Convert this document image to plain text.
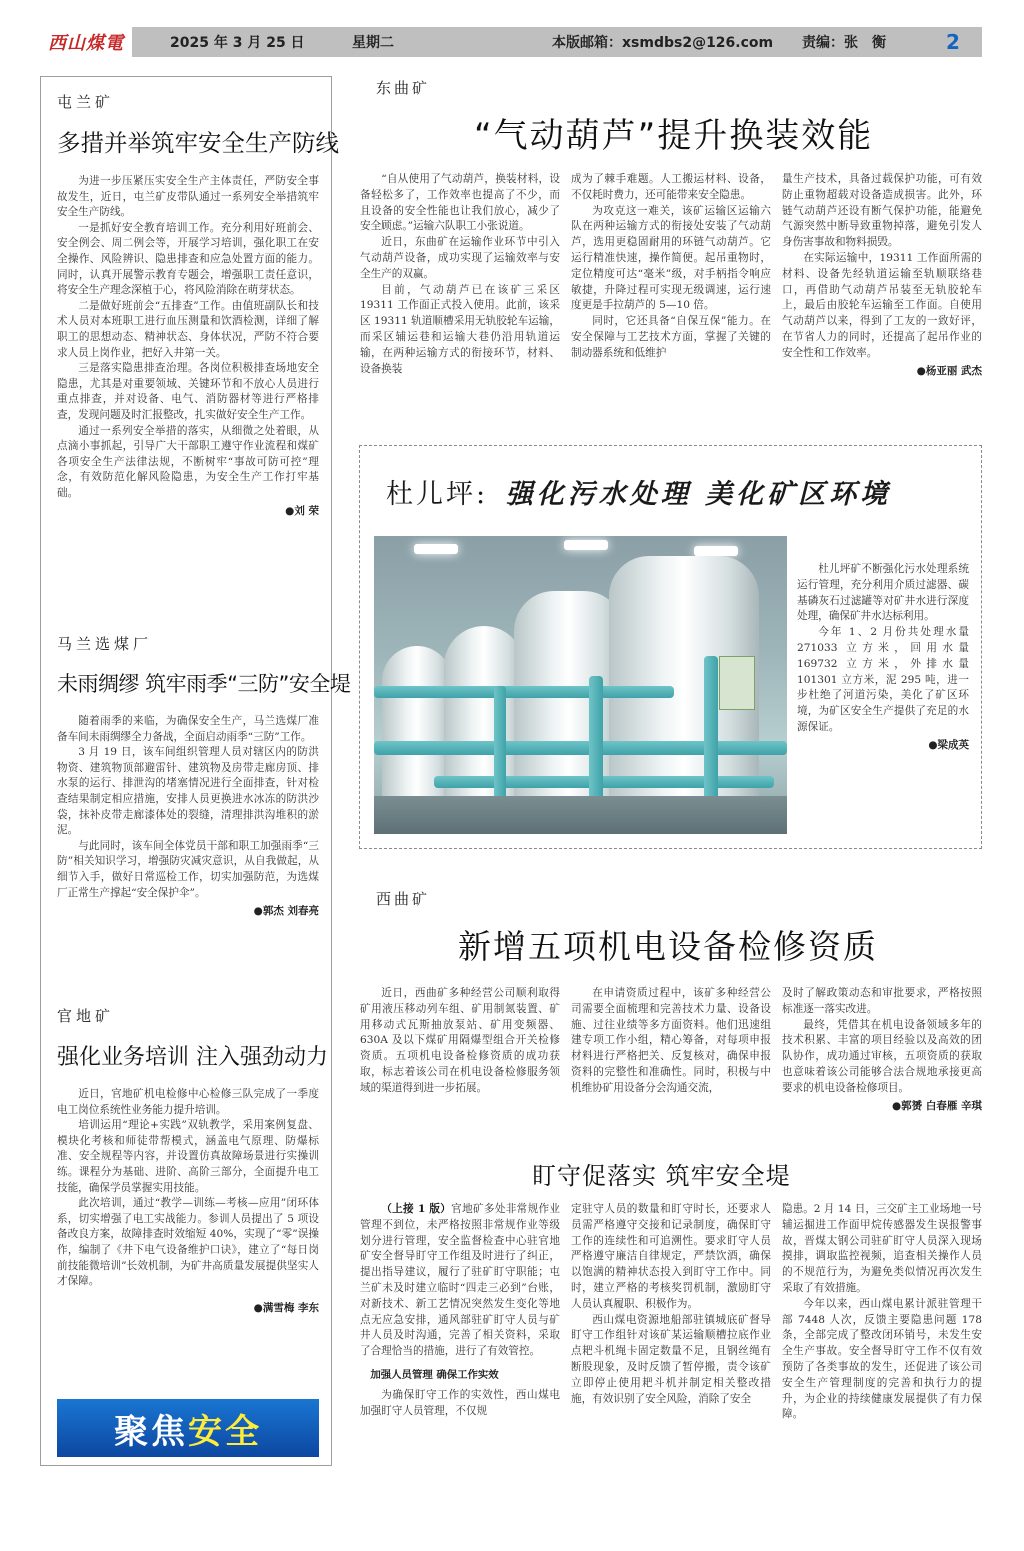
西山煤電	2025 年 3 月 25 日	星期二	本版邮箱：xsmdbs2@126.com 责编：张　衡	2
屯兰矿
多措并举筑牢安全生产防线

为进一步压紧压实安全生产主体责任，严防安全事故发生，近日，屯兰矿皮带队通过一系列安全举措筑牢安全生产防线。

一是抓好安全教育培训工作。充分利用好班前会、安全例会、周二例会等，开展学习培训，强化职工在安全操作、风险辨识、隐患排查和应急处置方面的能力。同时，认真开展警示教育专题会，增强职工责任意识，将安全生产理念深植于心，将风险消除在萌芽状态。

二是做好班前会“五排查”工作。由值班副队长和技术人员对本班职工进行血压测量和饮酒检测，详细了解职工的思想动态、精神状态、身体状况，严防不符合要求人员上岗作业，把好入井第一关。

三是落实隐患排查治理。各岗位积极排查场地安全隐患，尤其是对重要领域、关键环节和不放心人员进行重点排查，并对设备、电气、消防器材等进行严格排查，发现问题及时汇报整改，扎实做好安全生产工作。

通过一系列安全举措的落实，从细微之处着眼，从点滴小事抓起，引导广大干部职工遵守作业流程和煤矿各项安全生产法律法规，不断树牢“事故可防可控”理念，有效防范化解风险隐患，为安全生产工作打牢基础。

●刘 荣
马兰选煤厂
未雨绸缪 筑牢雨季“三防”安全堤

随着雨季的来临，为确保安全生产，马兰选煤厂准备车间未雨绸缪全力备战，全面启动雨季“三防”工作。

3 月 19 日，该车间组织管理人员对辖区内的防洪物资、建筑物顶部避雷针、建筑物及房带走廊房顶、排水泵的运行、排泄沟的堵塞情况进行全面排查，针对检查结果制定相应措施，安排人员更换进水冰冻的防洪沙袋，抹补皮带走廊漆体处的裂缝，清理排洪沟堆积的淤泥。

与此同时，该车间全体党员干部和职工加强雨季“三防”相关知识学习，增强防灾减灾意识，从自我做起，从细节入手，做好日常巡检工作，切实加强防范，为选煤厂正常生产撑起“安全保护伞”。

●郭杰 刘春亮
官地矿
强化业务培训 注入强劲动力

近日，官地矿机电检修中心检修三队完成了一季度电工岗位系统性业务能力提升培训。

培训运用“理论+实践”双轨教学，采用案例复盘、模块化考核和师徒带帮模式，涵盖电气原理、防爆标准、安全规程等内容，并设置仿真故障场景进行实操训练。课程分为基础、进阶、高阶三部分，全面提升电工技能，确保学员掌握实用技能。

此次培训，通过“教学—训练—考核—应用”闭环体系，切实增强了电工实战能力。参训人员提出了 5 项设备改良方案，故障排查时效缩短 40%，实现了“零”误操作，编制了《井下电气设备维护口诀》，建立了“每日岗前技能微培训”长效机制，为矿井高质量发展提供坚实人才保障。

●满雪梅 李东
聚焦 安全
东曲矿
“气动葫芦”提升换装效能

“自从使用了气动葫芦，换装材料，设备轻松多了，工作效率也提高了不少，而且设备的安全性能也让我们放心，减少了安全顾虑。”运输六队职工小张说道。

近日，东曲矿在运输作业环节中引入气动葫芦设备，成功实现了运输效率与安全生产的双赢。

目前，气动葫芦已在该矿三采区 19311 工作面正式投入使用。此前，该采区 19311 轨道顺槽采用无轨胶轮车运输，而采区辅运巷和运输大巷仍沿用轨道运输，在两种运输方式的衔接环节，材料、设备换装

成为了棘手难题。人工搬运材料、设备，不仅耗时费力，还可能带来安全隐患。

为攻克这一难关，该矿运输区运输六队在两种运输方式的衔接处安装了气动葫芦，选用更稳固耐用的环链气动葫芦。它运行精准快速，操作简便。起吊重物时，定位精度可达“毫米”级，对手柄指令响应敏捷，升降过程可实现无级调速，运行速度更是手拉葫芦的 5—10 倍。

同时，它还具备“自保互保”能力。在安全保障与工艺技术方面，掌握了关键的制动器系统和低维护

量生产技术，具备过载保护功能，可有效防止重物超载对设备造成损害。此外，环链气动葫芦还设有断气保护功能，能避免气源突然中断导致重物掉落，避免引发人身伤害事故和物料损毁。

在实际运输中，19311 工作面所需的材料、设备先经轨道运输至轨顺联络巷口，再借助气动葫芦吊装至无轨胶轮车上，最后由胶轮车运输至工作面。自使用气动葫芦以来，得到了工友的一致好评，在节省人力的同时，还提高了起吊作业的安全性和工作效率。

●杨亚丽 武杰
杜儿坪: 强化污水处理 美化矿区环境

杜儿坪矿不断强化污水处理系统运行管理，充分利用介质过滤器、碳基磷灰石过滤罐等对矿井水进行深度处理，确保矿井水达标利用。

今年 1、2 月份共处理水量 271033 立方米，回用水量 169732 立方米，外排水量 101301 立方米，泥 295 吨，进一步杜绝了河道污染，美化了矿区环境，为矿区安全生产提供了充足的水源保证。

●梁成英
西曲矿
新增五项机电设备检修资质

近日，西曲矿多种经营公司顺利取得矿用液压移动列车组、矿用制氮装置、矿用移动式瓦斯抽放泵站、矿用变频器、630A 及以下煤矿用隔爆型组合开关检修资质。五项机电设备检修资质的成功获取，标志着该公司在机电设备检修服务领域的渠道得到进一步拓展。

在申请资质过程中，该矿多种经营公司需要全面梳理和完善技术力量、设备设施、过往业绩等多方面资料。他们迅速组建专项工作小组，精心筹备，对每项申报材料进行严格把关、反复核对，确保申报资料的完整性和准确性。同时，积极与中机维协矿用设备分会沟通交流，

及时了解政策动态和审批要求，严格按照标准逐一落实改进。

最终，凭借其在机电设备领域多年的技术积累、丰富的项目经验以及高效的团队协作，成功通过审核，五项资质的获取也意味着该公司能够合法合规地承接更高要求的机电设备检修项目。

●郭赟 白春雁 辛琪
盯守促落实 筑牢安全堤

（上接 1 版）官地矿多处非常规作业管理不到位，未严格按照非常规作业等级划分进行管理，安全监督检查中心驻官地矿安全督导盯守工作组及时进行了纠正，提出指导建议，履行了驻矿盯守职能；屯兰矿未及时建立临时“四走三必到”台账，对新技术、新工艺情况突然发生变化等地点无应急安排，通风部驻矿盯守人员与矿井人员及时沟通，完善了相关资料，采取了合理恰当的措施，进行了有效管控。

加强人员管理 确保工作实效

为确保盯守工作的实效性，西山煤电加强盯守人员管理，不仅规

定驻守人员的数量和盯守时长，还要求人员需严格遵守交接和记录制度，确保盯守工作的连续性和可追溯性。要求盯守人员严格遵守廉洁自律规定，严禁饮酒，确保以饱满的精神状态投入到盯守工作中。同时，建立严格的考核奖罚机制，激励盯守人员认真履职、积极作为。

西山煤电资源地船部驻镇城底矿督导盯守工作组针对该矿某运输顺槽拉底作业点耙斗机绳卡固定数量不足，且钢丝绳有断股现象，及时反馈了暂停搬，责令该矿立即停止使用耙斗机并制定相关整改措施，有效识别了安全风险，消除了安全

隐患。2 月 14 日，三交矿主工业场地一号辅运掘进工作面甲烷传感器发生误报警事故，晋煤太钢公司驻矿盯守人员深入现场摸排，调取监控视频，追查相关操作人员的不规范行为，为避免类似情况再次发生采取了有效措施。

今年以来，西山煤电累计派驻管理干部 7448 人次，反馈主要隐患问题 178 条，全部完成了整改闭环销号，未发生安全生产事故。安全督导盯守工作不仅有效预防了各类事故的发生，还促进了该公司安全生产管理制度的完善和执行力的提升，为企业的持续健康发展提供了有力保障。
